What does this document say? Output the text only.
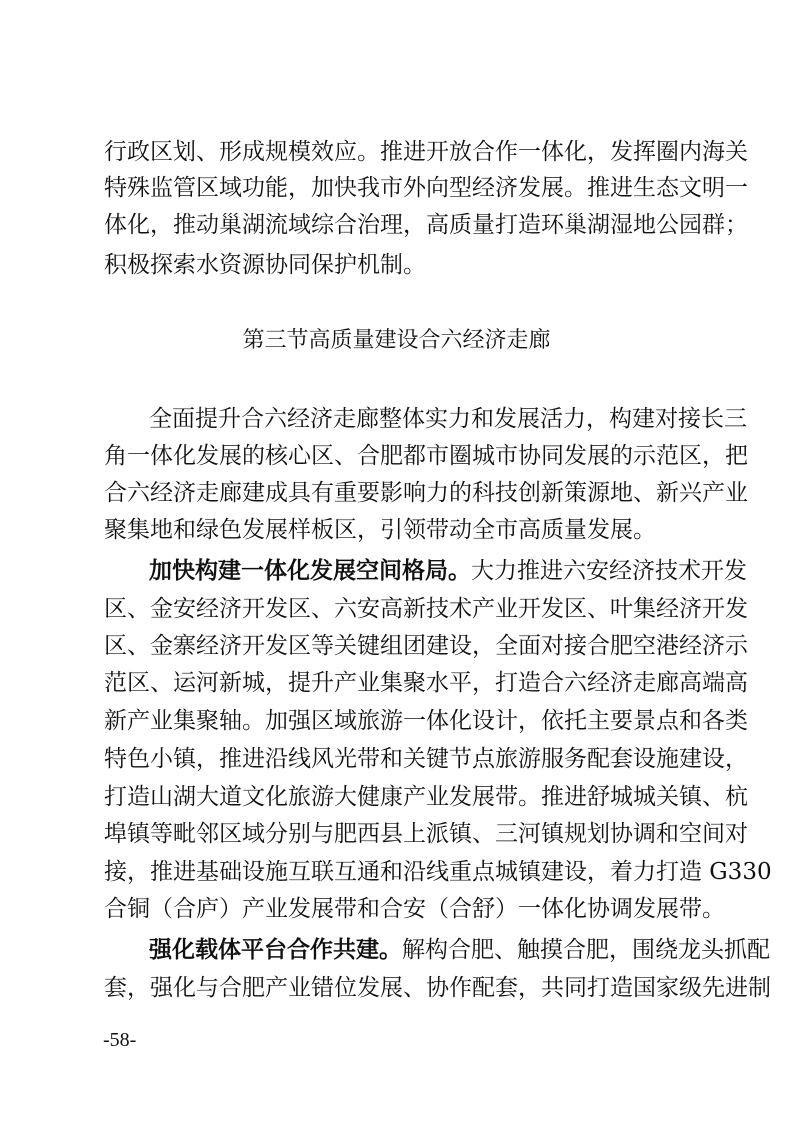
行政区划、形成规模效应。推进开放合作一体化，发挥圈内海关
特殊监管区域功能，加快我市外向型经济发展。推进生态文明一
体化，推动巢湖流域综合治理，高质量打造环巢湖湿地公园群；
积极探索水资源协同保护机制。
第三节高质量建设合六经济走廊
全面提升合六经济走廊整体实力和发展活力，构建对接长三
角一体化发展的核心区、合肥都市圈城市协同发展的示范区，把
合六经济走廊建成具有重要影响力的科技创新策源地、新兴产业
聚集地和绿色发展样板区，引领带动全市高质量发展。
加快构建一体化发展空间格局。大力推进六安经济技术开发
区、金安经济开发区、六安高新技术产业开发区、叶集经济开发
区、金寨经济开发区等关键组团建设，全面对接合肥空港经济示
范区、运河新城，提升产业集聚水平，打造合六经济走廊高端高
新产业集聚轴。加强区域旅游一体化设计，依托主要景点和各类
特色小镇，推进沿线风光带和关键节点旅游服务配套设施建设，
打造山湖大道文化旅游大健康产业发展带。推进舒城城关镇、杭
埠镇等毗邻区域分别与肥西县上派镇、三河镇规划协调和空间对
接，推进基础设施互联互通和沿线重点城镇建设，着力打造 G330
合铜（合庐）产业发展带和合安（合舒）一体化协调发展带。
强化载体平台合作共建。解构合肥、触摸合肥，围绕龙头抓配
套，强化与合肥产业错位发展、协作配套，共同打造国家级先进制
-58-
